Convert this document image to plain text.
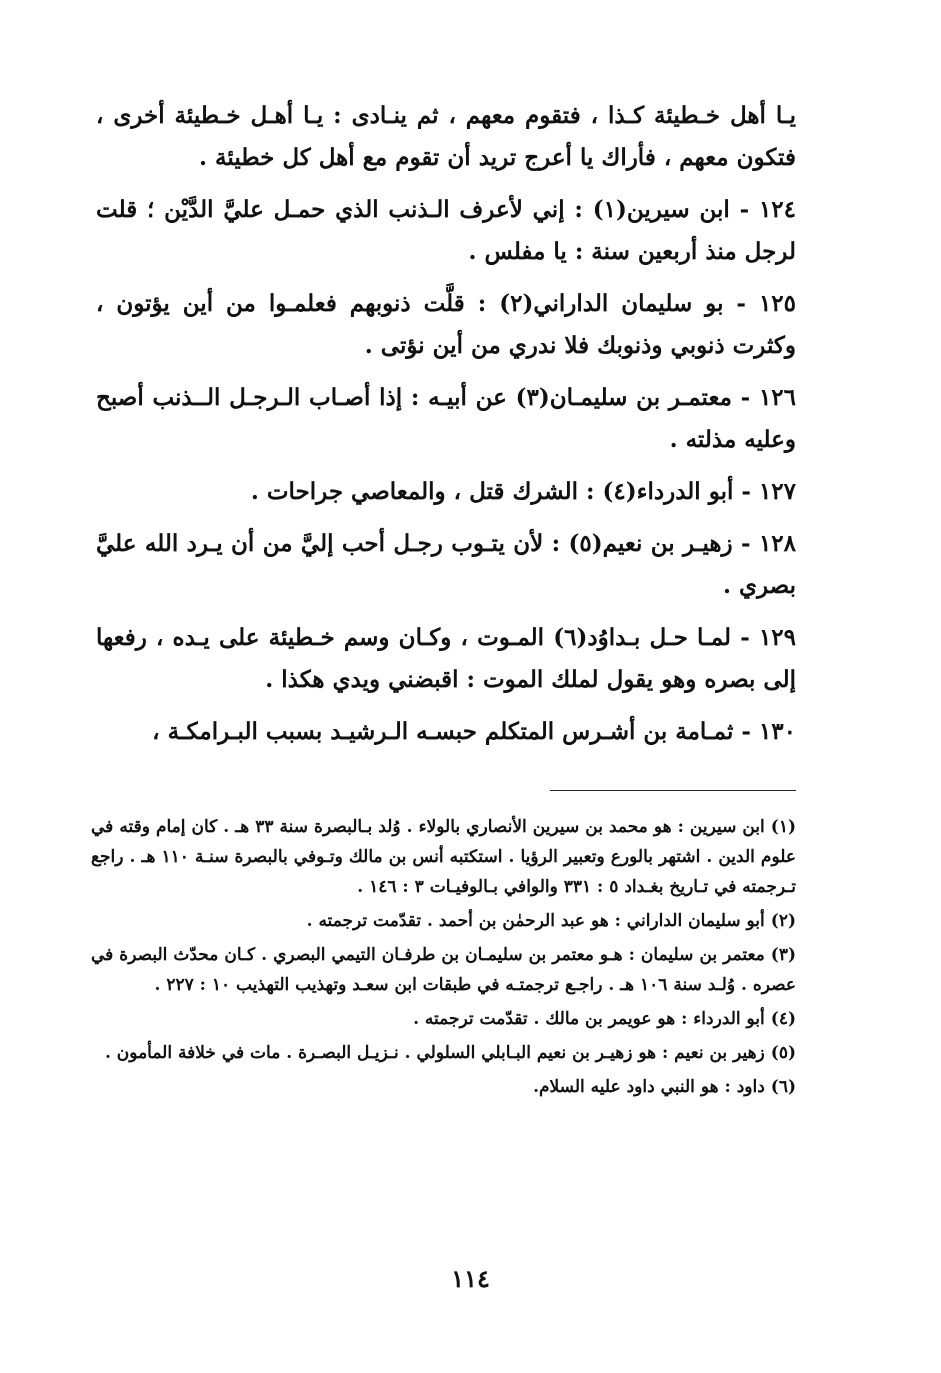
يـا أهل خـطيئة كـذا ، فتقوم معهم ، ثم ينـادى : يـا أهـل خـطيئة أخرى ، فتكون معهم ، فأراك يا أعرج تريد أن تقوم مع أهل كل خطيئة .

١٢٤ - ابن سيرين(١) : إني لأعرف الـذنب الذي حمـل عليَّ الدَّيْن ؛ قلت لرجل منذ أربعين سنة : يا مفلس .

١٢٥ - بو سليمان الداراني(٢) : قلَّت ذنوبهم فعلمـوا من أين يؤتون ، وكثرت ذنوبي وذنوبك فلا ندري من أين نؤتى .

١٢٦ - معتمـر بن سليمـان(٣) عن أبيـه : إذا أصـاب الـرجـل الــذنب أصبح وعليه مذلته .

١٢٧ - أبو الدرداء(٤) : الشرك قتل ، والمعاصي جراحات .

١٢٨ - زهيـر بن نعيم(٥) : لأن يتـوب رجـل أحب إليَّ من أن يـرد الله عليَّ بصري .

١٢٩ - لمـا حـل بـداوُد(٦) المـوت ، وكـان وسم خـطيئة على يـده ، رفعها إلى بصره وهو يقول لملك الموت : اقبضني ويدي هكذا .

١٣٠ - ثمـامة بن أشـرس المتكلم حبسـه الـرشيـد بسبب البـرامكـة ،

(١)ابن سيرين : هو محمد بن سيرين الأنصاري بالولاء . وُلد بـالبصرة سنة ٣٣ هـ . كان إمام وقته في علوم الدين . اشتهر بالورع وتعبير الرؤيا . استكتبه أنس بن مالك وتـوفي بالبصرة سنـة ١١٠ هـ . راجع تـرجمته في تـاريخ بغـداد ٥ : ٣٣١ والوافي بـالوفيـات ٣ : ١٤٦ .

(٢)أبو سليمان الداراني : هو عبد الرحمٰن بن أحمد . تقدّمت ترجمته .

(٣)معتمر بن سليمان : هـو معتمر بن سليمـان بن طرفـان التيمي البصري . كـان محدّث البصرة في عصره . وُلـد سنة ١٠٦ هـ . راجـع ترجمتـه في طبقات ابن سعـد وتهذيب التهذيب ١٠ : ٢٢٧ .

(٤)أبو الدرداء : هو عويمر بن مالك . تقدّمت ترجمته .

(٥)زهير بن نعيم : هو زهيـر بن نعيم البـابلي السلولي . نـزيـل البصـرة . مات في خلافة المأمون .

(٦)داود : هو النبي داود عليه السلام.

١١٤
